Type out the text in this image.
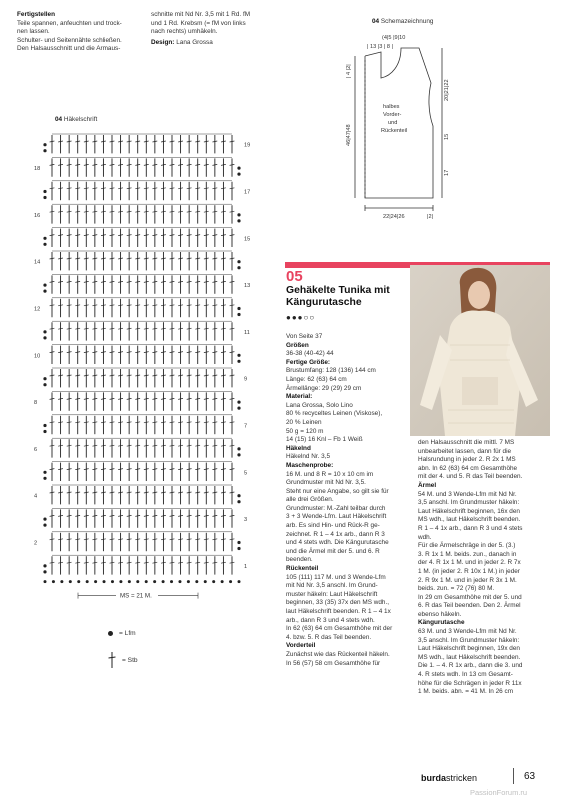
Fertigstellen
Teile spannen, anfeuchten und trock-
nen lassen.
Schulter- und Seitennähte schließen.
Den Halsausschnitt und die Armaus-
schnitte mit Nd Nr. 3,5 mit 1 Rd. fM
und 1 Rd. Krebsm (= fM von links
nach rechts) umhäkeln.
Design: Lana Grossa
04 Schemazeichnung
(4|5 |9|10
| 13 |3 | 8 |
| 4 |2|
46|47|48
20|21|22
15
17
halbes
Vorder-
und
Rückenteil
22|24|26	|2|
04 Häkelschrift
MS = 21 M.
1
3
5
7
9
11
13
15
17
19
2
4
6
8
10
12
14
16
18
= Lfm
= Stb
05
Gehäkelte Tunika mit Kängurutasche
●●●○○
Von Seite 37
Größen
36-38 (40-42) 44
Fertige Größe:
Brustumfang: 128 (136) 144 cm
Länge: 62 (63) 64 cm
Ärmellänge: 29 (29) 29 cm
Material:
Lana Grossa, Solo Lino
80 % recyceltes Leinen (Viskose),
20 % Leinen
50 g = 120 m
14 (15) 16 Knl – Fb 1 Weiß
Häkelnd
Häkelnd Nr. 3,5
Maschenprobe:
16 M. und 8 R = 10 x 10 cm im
Grundmuster mit Nd Nr. 3,5.
Steht nur eine Angabe, so gilt sie für
alle drei Größen.
Grundmuster: M.-Zahl teilbar durch
3 + 3 Wende-Lfm. Laut Häkelschrift
arb. Es sind Hin- und Rück-R ge-
zeichnet. R 1 – 4 1x arb., dann R 3
und 4 stets wdh. Die Kängurutasche
und die Ärmel mit der 5. und 6. R
beenden.
Rückenteil
105 (111) 117 M. und 3 Wende-Lfm
mit Nd Nr. 3,5 anschl. Im Grund-
muster häkeln: Laut Häkelschrift
beginnen, 33 (35) 37x den MS wdh.,
laut Häkelschrift beenden. R 1 – 4 1x
arb., dann R 3 und 4 stets wdh.
In 62 (63) 64 cm Gesamthöhe mit der
4. bzw. 5. R das Teil beenden.
Vorderteil
Zunächst wie das Rückenteil häkeln.
In 56 (57) 58 cm Gesamthöhe für
den Halsausschnitt die mittl. 7 MS
unbearbeitet lassen, dann für die
Halsrundung in jeder 2. R 2x 1 MS
abn. In 62 (63) 64 cm Gesamthöhe
mit der 4. und 5. R das Teil beenden.
Ärmel
54 M. und 3 Wende-Lfm mit Nd Nr.
3,5 anschl. Im Grundmuster häkeln:
Laut Häkelschrift beginnen, 16x den
MS wdh., laut Häkelschrift beenden.
R 1 – 4 1x arb., dann R 3 und 4 stets
wdh.
Für die Ärmelschräge in der 5. (3.)
3. R 1x 1 M. beids. zun., danach in
der 4. R 1x 1 M. und in jeder 2. R 7x
1 M. (in jeder 2. R 10x 1 M.) in jeder
2. R 9x 1 M. und in jeder R 3x 1 M.
beids. zun. = 72 (76) 80 M.
In 29 cm Gesamthöhe mit der 5. und
6. R das Teil beenden. Den 2. Ärmel
ebenso häkeln.
Kängurutasche
63 M. und 3 Wende-Lfm mit Nd Nr.
3,5 anschl. Im Grundmuster häkeln:
Laut Häkelschrift beginnen, 19x den
MS wdh., laut Häkelschrift beenden.
Die 1. – 4. R 1x arb., dann die 3. und
4. R stets wdh. In 13 cm Gesamt-
höhe für die Schrägen in jeder R 11x
1 M. beids. abn. = 41 M. In 26 cm
burdastricken	63
PassionForum.ru
